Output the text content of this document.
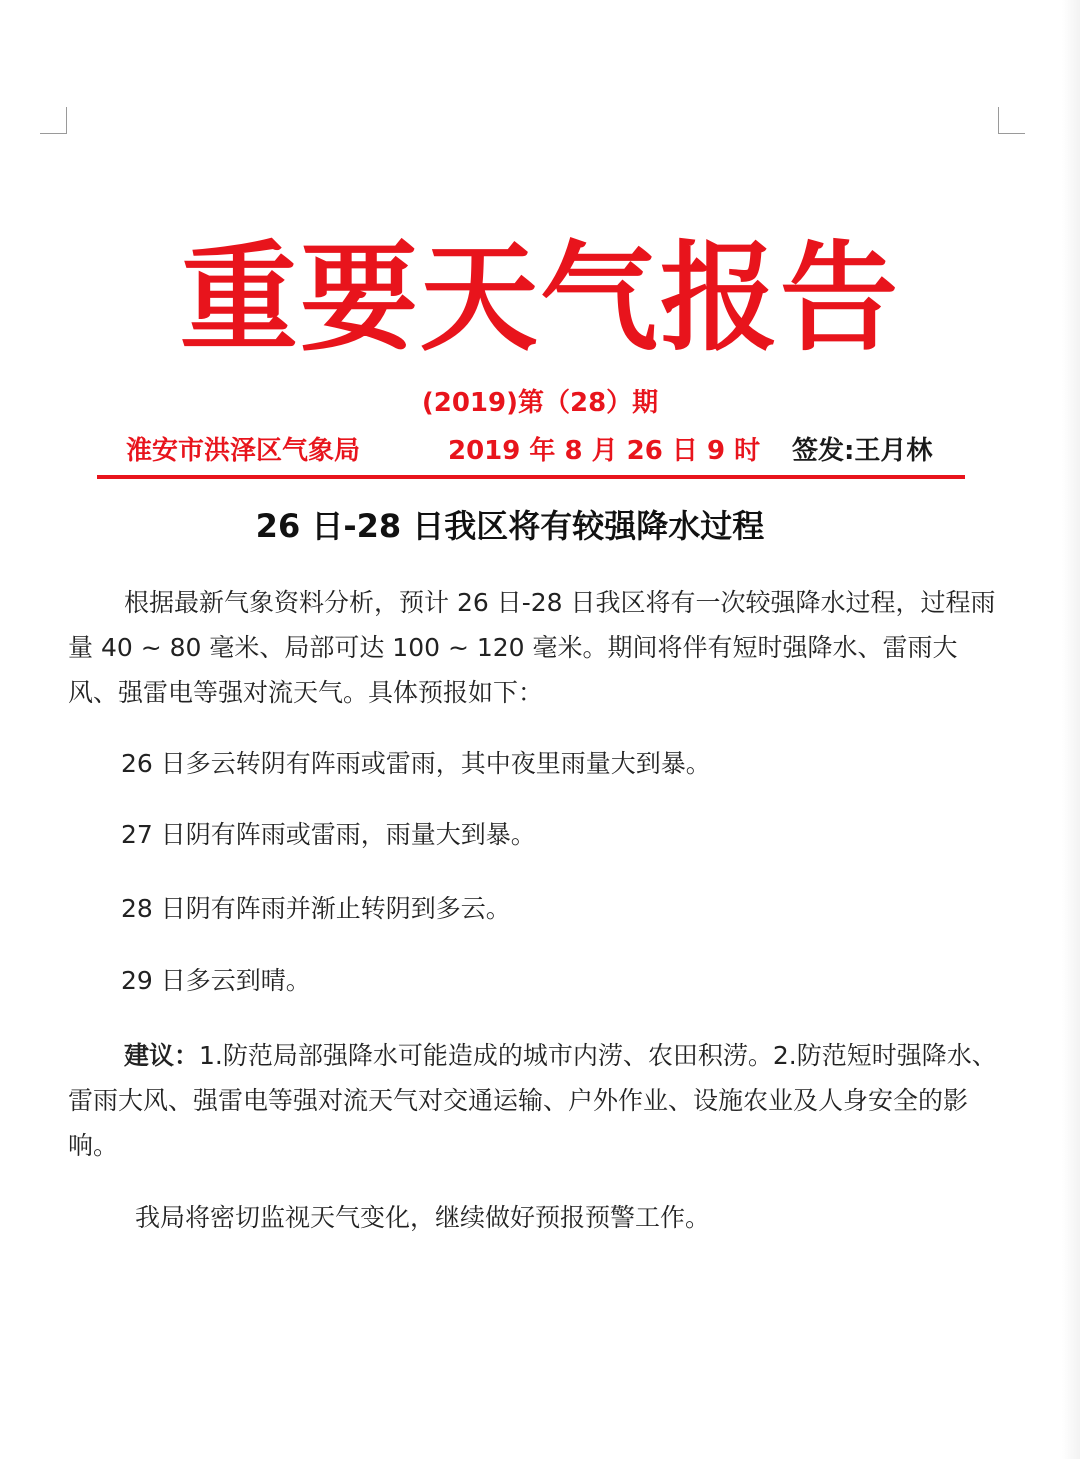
重要天气报告
(2019)第（28）期
淮安市洪泽区气象局	2019 年 8 月 26 日 9 时 签发:王月林
26 日-28 日我区将有较强降水过程

根据最新气象资料分析，预计 26 日-28 日我区将有一次较强降水过程，过程雨量 40 ~ 80 毫米、局部可达 100 ~ 120 毫米。期间将伴有短时强降水、雷雨大风、强雷电等强对流天气。具体预报如下：

26 日多云转阴有阵雨或雷雨，其中夜里雨量大到暴。
27 日阴有阵雨或雷雨，雨量大到暴。
28 日阴有阵雨并渐止转阴到多云。
29 日多云到晴。

建议：1.防范局部强降水可能造成的城市内涝、农田积涝。2.防范短时强降水、雷雨大风、强雷电等强对流天气对交通运输、户外作业、设施农业及人身安全的影响。

我局将密切监视天气变化，继续做好预报预警工作。
